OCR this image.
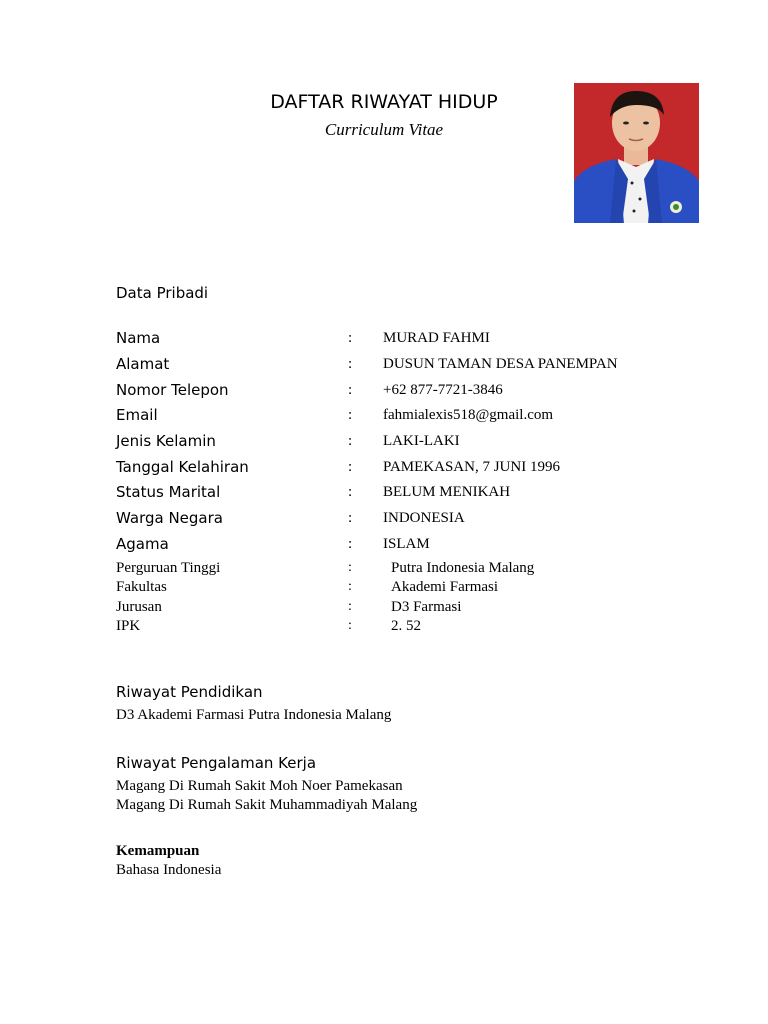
DAFTAR RIWAYAT HIDUP
Curriculum Vitae
Data Pribadi
Nama	: MURAD FAHMI
Alamat	: DUSUN TAMAN DESA PANEMPAN
Nomor Telepon	: +62 877-7721-3846
Email	: fahmialexis518@gmail.com
Jenis Kelamin	: LAKI-LAKI
Tanggal Kelahiran	: PAMEKASAN, 7 JUNI 1996
Status Marital	: BELUM MENIKAH
Warga Negara	: INDONESIA
Agama	: ISLAM
Perguruan Tinggi	:	Putra Indonesia Malang
Fakultas	:	Akademi Farmasi
Jurusan	:	D3 Farmasi
IPK	:	2. 52
Riwayat Pendidikan
D3 Akademi Farmasi Putra Indonesia Malang
Riwayat Pengalaman Kerja
Magang Di Rumah Sakit Moh Noer Pamekasan
Magang Di Rumah Sakit Muhammadiyah Malang
Kemampuan
Bahasa Indonesia
